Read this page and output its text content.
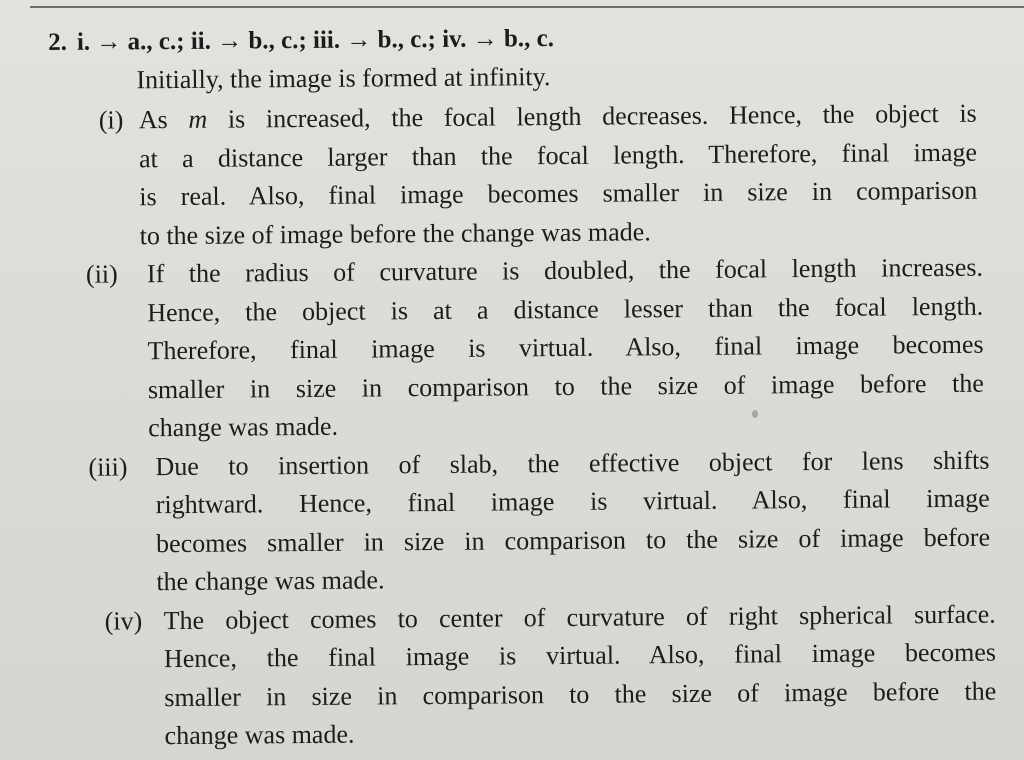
2. i. → a., c.; ii. → b., c.; iii. → b., c.; iv. → b., c.
Initially, the image is formed at infinity.
(i) As m is increased, the focal length decreases. Hence, the object is
at a distance larger than the focal length. Therefore, final image
is real. Also, final image becomes smaller in size in comparison
to the size of image before the change was made.
(ii) If the radius of curvature is doubled, the focal length increases.
Hence, the object is at a distance lesser than the focal length.
Therefore, final image is virtual. Also, final image becomes
smaller in size in comparison to the size of image before the
change was made.
(iii) Due to insertion of slab, the effective object for lens shifts
rightward. Hence, final image is virtual. Also, final image
becomes smaller in size in comparison to the size of image before
the change was made.
(iv) The object comes to center of curvature of right spherical surface.
Hence, the final image is virtual. Also, final image becomes
smaller in size in comparison to the size of image before the
change was made.
